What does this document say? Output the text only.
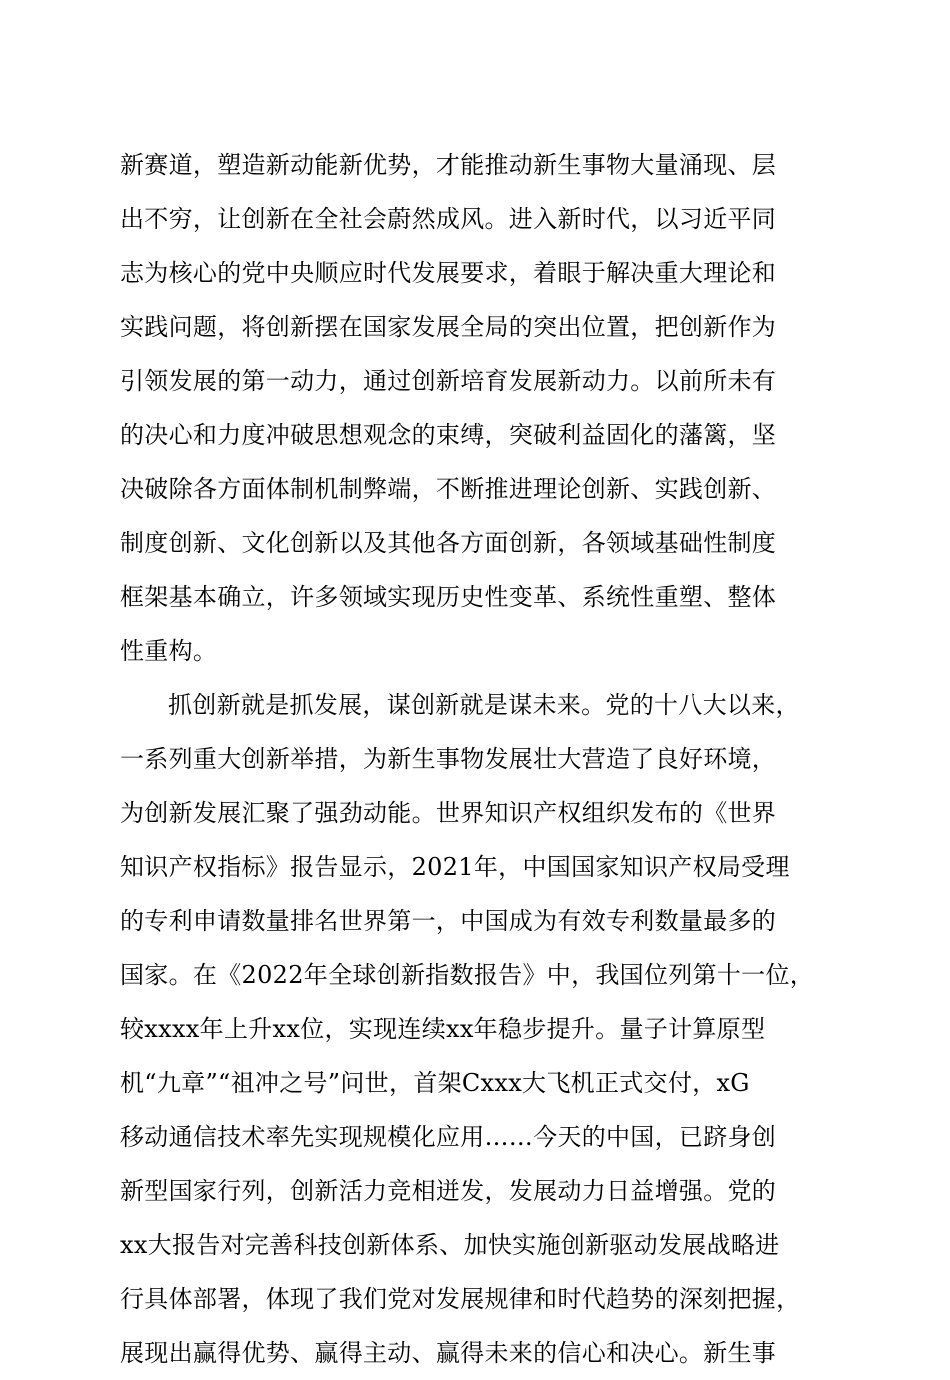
新赛道，塑造新动能新优势，才能推动新生事物大量涌现、层
出不穷，让创新在全社会蔚然成风。进入新时代，以习近平同
志为核心的党中央顺应时代发展要求，着眼于解决重大理论和
实践问题，将创新摆在国家发展全局的突出位置，把创新作为
引领发展的第一动力，通过创新培育发展新动力。以前所未有
的决心和力度冲破思想观念的束缚，突破利益固化的藩篱，坚
决破除各方面体制机制弊端，不断推进理论创新、实践创新、
制度创新、文化创新以及其他各方面创新，各领域基础性制度
框架基本确立，许多领域实现历史性变革、系统性重塑、整体
性重构。
抓创新就是抓发展，谋创新就是谋未来。党的十八大以来，
一系列重大创新举措，为新生事物发展壮大营造了良好环境，
为创新发展汇聚了强劲动能。世界知识产权组织发布的《世界
知识产权指标》报告显示，2021年，中国国家知识产权局受理
的专利申请数量排名世界第一，中国成为有效专利数量最多的
国家。在《2022年全球创新指数报告》中，我国位列第十一位，
较xxxx年上升xx位，实现连续xx年稳步提升。量子计算原型
机“九章”“祖冲之号”问世，首架Cxxx大飞机正式交付，xG
移动通信技术率先实现规模化应用……今天的中国，已跻身创
新型国家行列，创新活力竞相迸发，发展动力日益增强。党的
xx大报告对完善科技创新体系、加快实施创新驱动发展战略进
行具体部署，体现了我们党对发展规律和时代趋势的深刻把握，
展现出赢得优势、赢得主动、赢得未来的信心和决心。新生事
